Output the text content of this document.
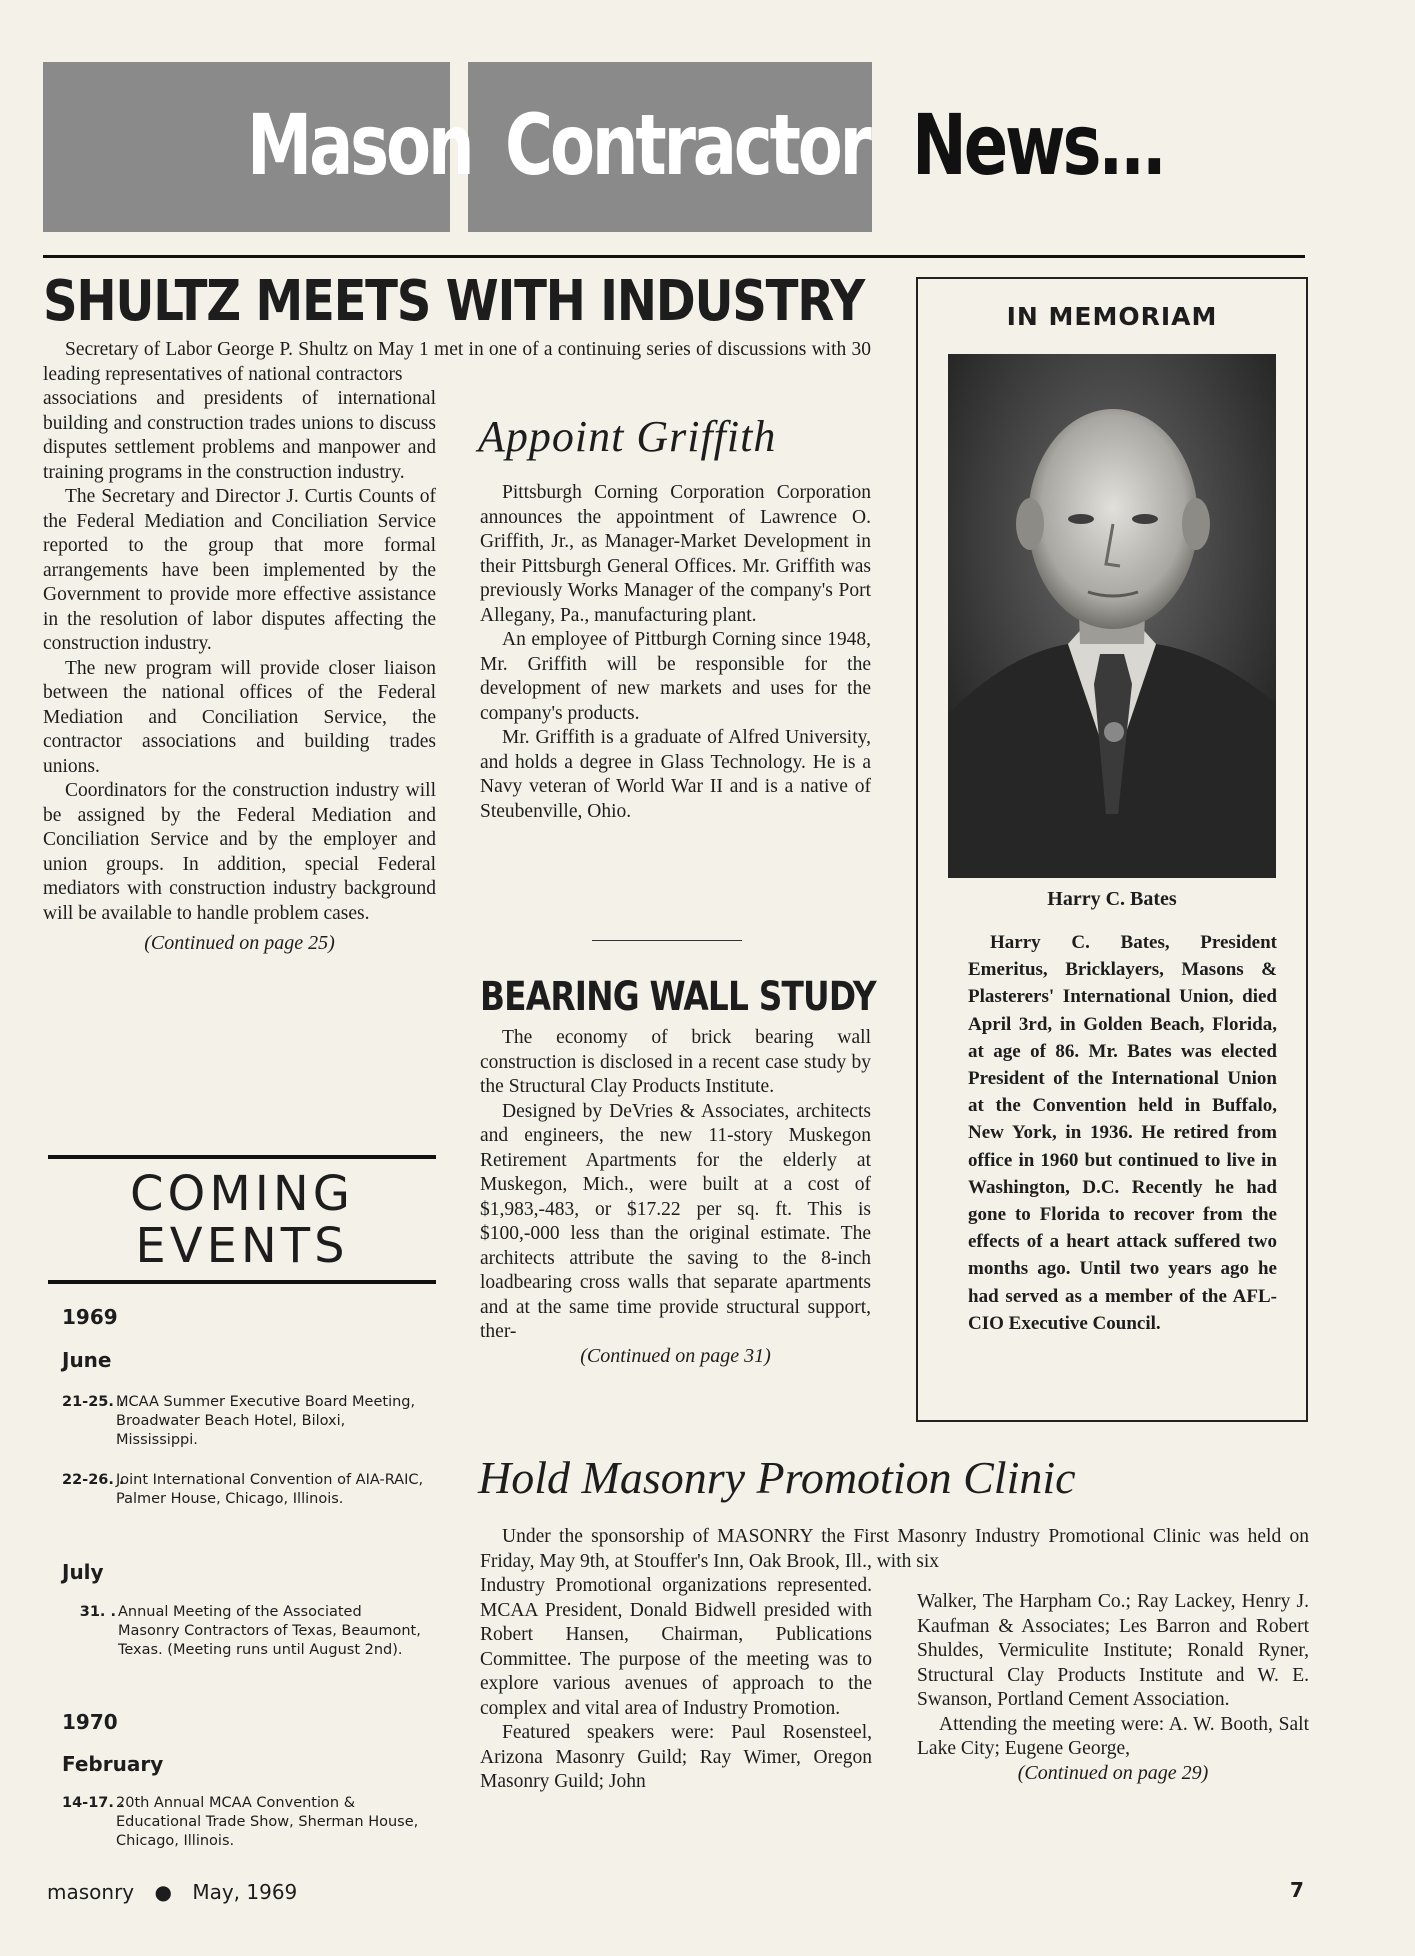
Mason Contractor News...
SHULTZ MEETS WITH INDUSTRY

Secretary of Labor George P. Shultz on May 1 met in one of a continuing series of discussions with 30 leading representatives of national contractors

associations and presidents of international building and construction trades unions to discuss disputes settlement problems and manpower and training programs in the construction industry.

The Secretary and Director J. Curtis Counts of the Federal Mediation and Conciliation Service reported to the group that more formal arrangements have been implemented by the Government to provide more effective assistance in the resolution of labor disputes affecting the construction industry.

The new program will provide closer liaison between the national offices of the Federal Mediation and Conciliation Service, the contractor associations and building trades unions.

Coordinators for the construction industry will be assigned by the Federal Mediation and Conciliation Service and by the employer and union groups. In addition, special Federal mediators with construction industry background will be available to handle problem cases.

(Continued on page 25)

Appoint Griffith

Pittsburgh Corning Corporation Corporation announces the appointment of Lawrence O. Griffith, Jr., as Manager-Market Development in their Pittsburgh General Offices. Mr. Griffith was previously Works Manager of the company's Port Allegany, Pa., manufacturing plant.

An employee of Pittburgh Corning since 1948, Mr. Griffith will be responsible for the development of new markets and uses for the company's products.

Mr. Griffith is a graduate of Alfred University, and holds a degree in Glass Technology. He is a Navy veteran of World War II and is a native of Steubenville, Ohio.

BEARING WALL STUDY

The economy of brick bearing wall construction is disclosed in a recent case study by the Structural Clay Products Institute.

Designed by DeVries & Associates, architects and engineers, the new 11-story Muskegon Retirement Apartments for the elderly at Muskegon, Mich., were built at a cost of $1,983,-483, or $17.22 per sq. ft. This is $100,-000 less than the original estimate. The architects attribute the saving to the 8-inch loadbearing cross walls that separate apartments and at the same time provide structural support, ther-

(Continued on page 31)

IN MEMORIAM
Harry C. Bates

Harry C. Bates, President Emeritus, Bricklayers, Masons & Plasterers' International Union, died April 3rd, in Golden Beach, Florida, at age of 86. Mr. Bates was elected President of the International Union at the Convention held in Buffalo, New York, in 1936. He retired from office in 1960 but continued to live in Washington, D.C. Recently he had gone to Florida to recover from the effects of a heart attack suffered two months ago. Until two years ago he had served as a member of the AFL-CIO Executive Council.

COMING
EVENTS

1969

June

21-25. .
MCAA Summer Executive Board Meeting, Broadwater Beach Hotel, Biloxi, Mississippi.
22-26. .
Joint International Convention of AIA-RAIC, Palmer House, Chicago, Illinois.

July

31. . Annual Meeting of the Associated Masonry Contractors of Texas, Beaumont, Texas. (Meeting runs until August 2nd).

1970

February

14-17. .
20th Annual MCAA Convention & Educational Trade Show, Sherman House, Chicago, Illinois.
Hold Masonry Promotion Clinic

Under the sponsorship of MASONRY the First Masonry Industry Promotional Clinic was held on Friday, May 9th, at Stouffer's Inn, Oak Brook, Ill., with six

Industry Promotional organizations represented. MCAA President, Donald Bidwell presided with Robert Hansen, Chairman, Publications Committee. The purpose of the meeting was to explore various avenues of approach to the complex and vital area of Industry Promotion.

Featured speakers were: Paul Rosensteel, Arizona Masonry Guild; Ray Wimer, Oregon Masonry Guild; John

Walker, The Harpham Co.; Ray Lackey, Henry J. Kaufman & Associates; Les Barron and Robert Shuldes, Vermiculite Institute; Ronald Ryner, Structural Clay Products Institute and W. E. Swanson, Portland Cement Association.

Attending the meeting were: A. W. Booth, Salt Lake City; Eugene George,

(Continued on page 29)

masonry ● May, 1969	7
